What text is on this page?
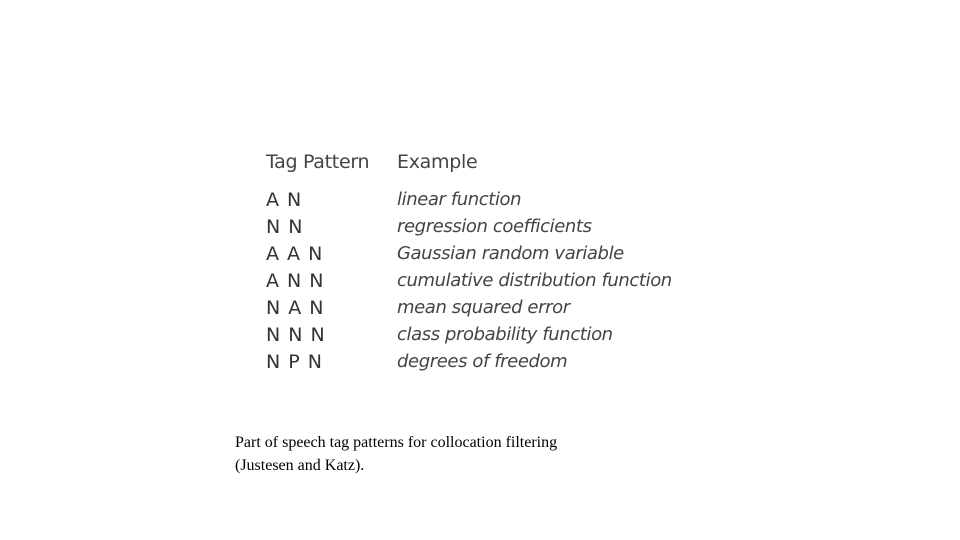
Tag Pattern	Example
A N	linear function
N N	regression coefficients
A A N	Gaussian random variable
A N N	cumulative distribution function
N A N	mean squared error
N N N	class probability function
N P N	degrees of freedom
Part of speech tag patterns for collocation filtering
(Justesen and Katz).
